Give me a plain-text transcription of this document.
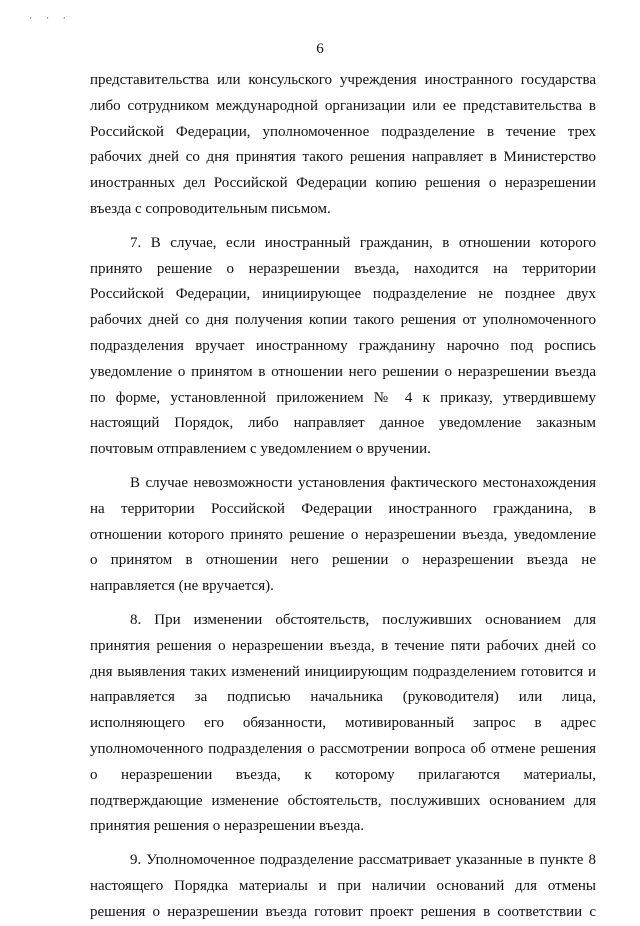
· · ·
6

представительства или консульского учреждения иностранного государства
либо сотрудником международной организации или ее представительства в
Российской Федерации, уполномоченное подразделение в течение трех
рабочих дней со дня принятия такого решения направляет в Министерство
иностранных дел Российской Федерации копию решения о неразрешении
въезда с сопроводительным письмом.

7. В случае, если иностранный гражданин, в отношении которого
принято решение о неразрешении въезда, находится на территории
Российской Федерации, инициирующее подразделение не позднее двух
рабочих дней со дня получения копии такого решения от уполномоченного
подразделения вручает иностранному гражданину нарочно под роспись
уведомление о принятом в отношении него решении о неразрешении въезда
по форме, установленной приложением № 4 к приказу, утвердившему
настоящий Порядок, либо направляет данное уведомление заказным
почтовым отправлением с уведомлением о вручении.

В случае невозможности установления фактического местонахождения
на территории Российской Федерации иностранного гражданина, в
отношении которого принято решение о неразрешении въезда, уведомление
о принятом в отношении него решении о неразрешении въезда не
направляется (не вручается).

8. При изменении обстоятельств, послуживших основанием для
принятия решения о неразрешении въезда, в течение пяти рабочих дней со
дня выявления таких изменений инициирующим подразделением готовится и
направляется за подписью начальника (руководителя) или лица,
исполняющего его обязанности, мотивированный запрос в адрес
уполномоченного подразделения о рассмотрении вопроса об отмене решения
о неразрешении въезда, к которому прилагаются материалы,
подтверждающие изменение обстоятельств, послуживших основанием для
принятия решения о неразрешении въезда.

9. Уполномоченное подразделение рассматривает указанные в пункте 8
настоящего Порядка материалы и при наличии оснований для отмены
решения о неразрешении въезда готовит проект решения в соответствии с
